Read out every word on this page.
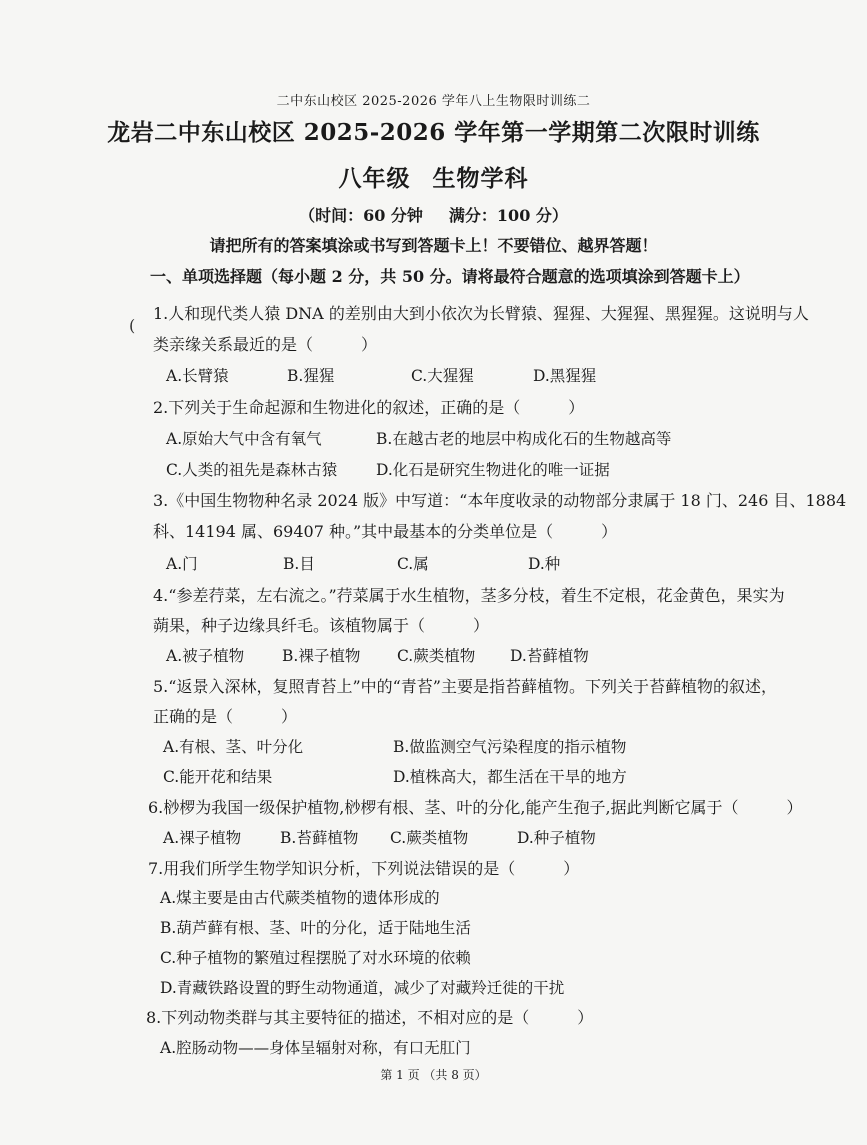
二中东山校区 2025-2026 学年八上生物限时训练二
龙岩二中东山校区 2025-2026 学年第一学期第二次限时训练
八年级 生物学科
（时间：60 分钟 满分：100 分）
请把所有的答案填涂或书写到答题卡上！不要错位、越界答题！
一、单项选择题（每小题 2 分，共 50 分。请将最符合题意的选项填涂到答题卡上）
(
1.人和现代类人猿 DNA 的差别由大到小依次为长臂猿、猩猩、大猩猩、黑猩猩。这说明与人
类亲缘关系最近的是（　　　）
A.长臂猿	B.猩猩	C.大猩猩	D.黑猩猩
2.下列关于生命起源和生物进化的叙述，正确的是（　　　）
A.原始大气中含有氧气	B.在越古老的地层中构成化石的生物越高等
C.人类的祖先是森林古猿	D.化石是研究生物进化的唯一证据
3.《中国生物物种名录 2024 版》中写道：“本年度收录的动物部分隶属于 18 门、246 目、1884
科、14194 属、69407 种。”其中最基本的分类单位是（　　　）
A.门	B.目	C.属	D.种
4.“参差荇菜，左右流之。”荇菜属于水生植物，茎多分枝，着生不定根，花金黄色，果实为
蒴果，种子边缘具纤毛。该植物属于（　　　）
A.被子植物 B.裸子植物 C.蕨类植物 D.苔藓植物
5.“返景入深林，复照青苔上”中的“青苔”主要是指苔藓植物。下列关于苔藓植物的叙述，
正确的是（　　　）
A.有根、茎、叶分化	B.做监测空气污染程度的指示植物
C.能开花和结果	D.植株高大，都生活在干旱的地方
6.桫椤为我国一级保护植物,桫椤有根、茎、叶的分化,能产生孢子,据此判断它属于（　　　）
A.裸子植物	B.苔藓植物 C.蕨类植物	D.种子植物
7.用我们所学生物学知识分析，下列说法错误的是（　　　）
A.煤主要是由古代蕨类植物的遗体形成的
B.葫芦藓有根、茎、叶的分化，适于陆地生活
C.种子植物的繁殖过程摆脱了对水环境的依赖
D.青藏铁路设置的野生动物通道，减少了对藏羚迁徙的干扰
8.下列动物类群与其主要特征的描述，不相对应的是（　　　）
A.腔肠动物——身体呈辐射对称，有口无肛门
第 1 页 （共 8 页）
